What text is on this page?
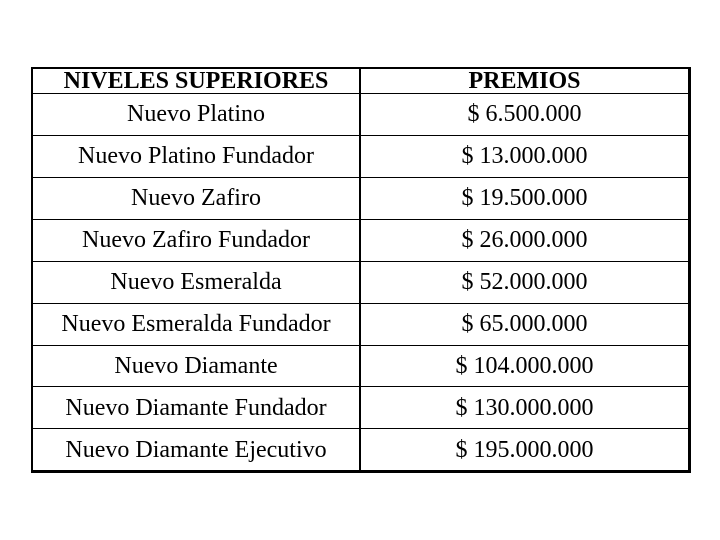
NIVELES SUPERIORES	PREMIOS
Nuevo Platino	$ 6.500.000
Nuevo Platino Fundador	$ 13.000.000
Nuevo Zafiro	$ 19.500.000
Nuevo Zafiro Fundador	$ 26.000.000
Nuevo Esmeralda	$ 52.000.000
Nuevo Esmeralda Fundador	$ 65.000.000
Nuevo Diamante	$ 104.000.000
Nuevo Diamante Fundador	$ 130.000.000
Nuevo Diamante Ejecutivo	$ 195.000.000
